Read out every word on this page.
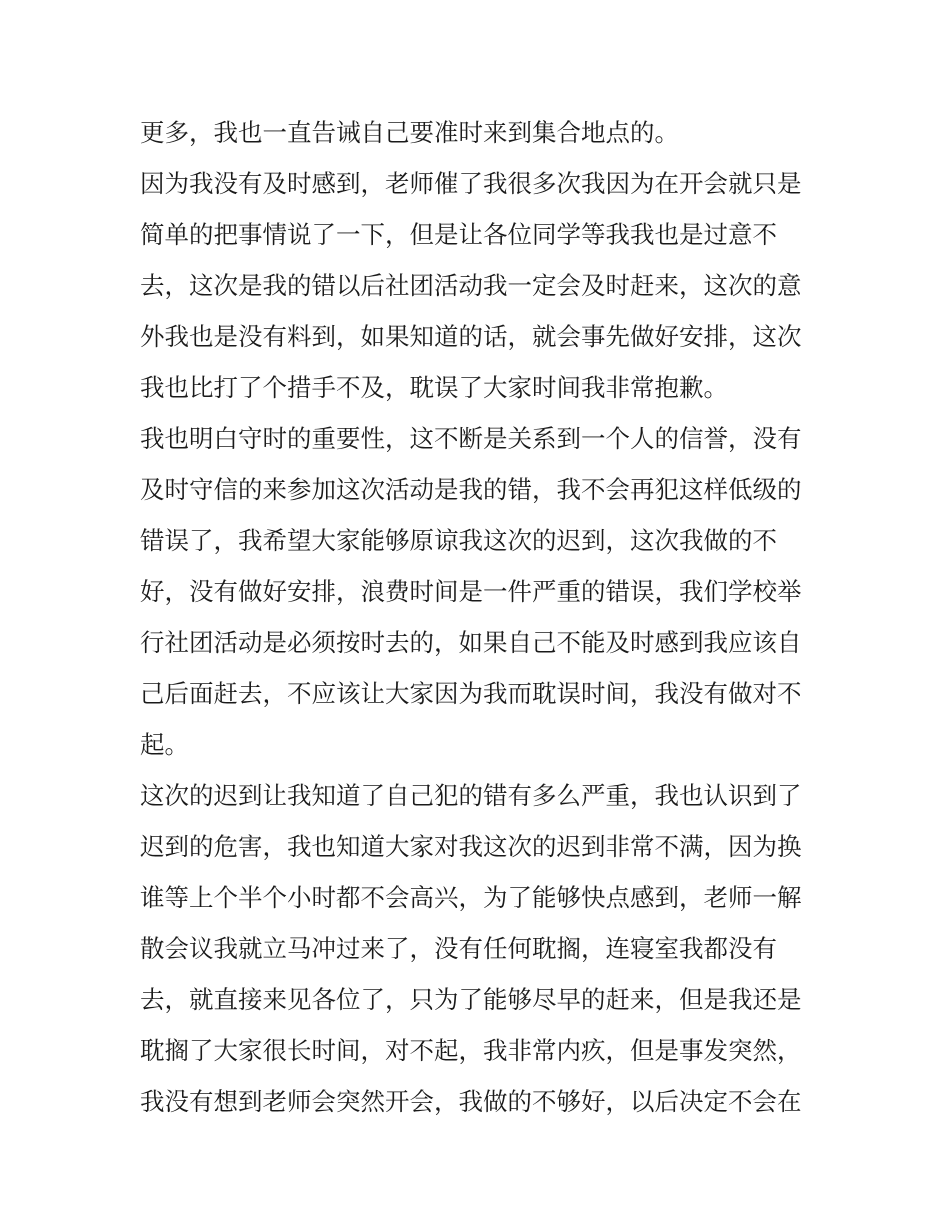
更多，我也一直告诫自己要准时来到集合地点的。
因为我没有及时感到，老师催了我很多次我因为在开会就只是
简单的把事情说了一下，但是让各位同学等我我也是过意不
去，这次是我的错以后社团活动我一定会及时赶来，这次的意
外我也是没有料到，如果知道的话，就会事先做好安排，这次
我也比打了个措手不及，耽误了大家时间我非常抱歉。
我也明白守时的重要性，这不断是关系到一个人的信誉，没有
及时守信的来参加这次活动是我的错，我不会再犯这样低级的
错误了，我希望大家能够原谅我这次的迟到，这次我做的不
好，没有做好安排，浪费时间是一件严重的错误，我们学校举
行社团活动是必须按时去的，如果自己不能及时感到我应该自
己后面赶去，不应该让大家因为我而耽误时间，我没有做对不
起。
这次的迟到让我知道了自己犯的错有多么严重，我也认识到了
迟到的危害，我也知道大家对我这次的迟到非常不满，因为换
谁等上个半个小时都不会高兴，为了能够快点感到，老师一解
散会议我就立马冲过来了，没有任何耽搁，连寝室我都没有
去，就直接来见各位了，只为了能够尽早的赶来，但是我还是
耽搁了大家很长时间，对不起，我非常内疚，但是事发突然，
我没有想到老师会突然开会，我做的不够好，以后决定不会在
